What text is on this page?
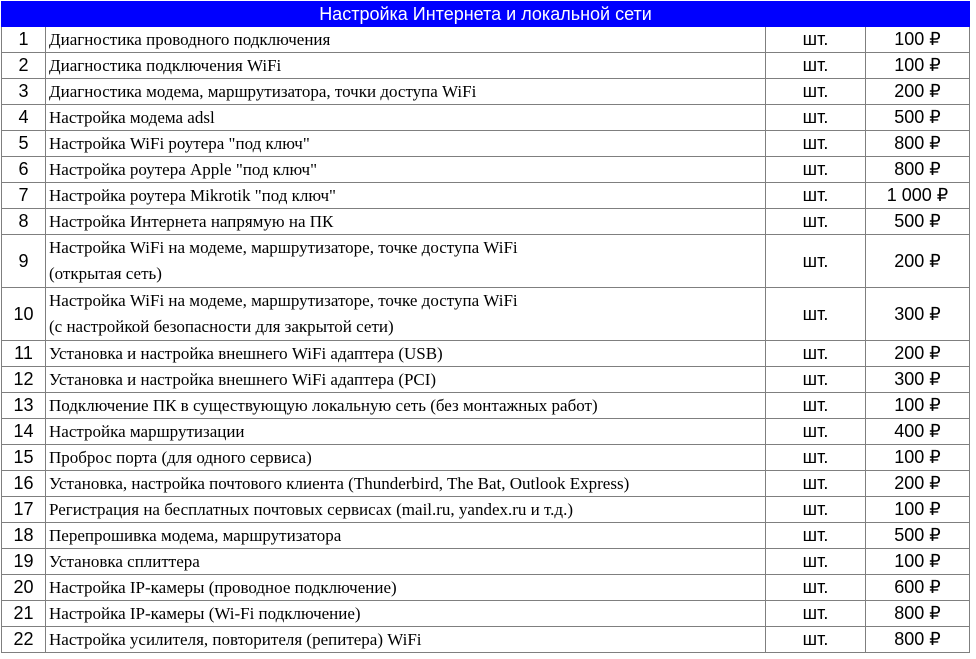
Настройка Интернета и локальной сети			
1	Диагностика проводного подключения	шт.	100 ₽
2	Диагностика подключения WiFi	шт.	100 ₽
3	Диагностика модема, маршрутизатора, точки доступа WiFi	шт.	200 ₽
4	Настройка модема adsl	шт.	500 ₽
5	Настройка WiFi роутера "под ключ"	шт.	800 ₽
6	Настройка роутера Apple "под ключ"	шт.	800 ₽
7	Настройка роутера Mikrotik "под ключ"	шт.	1 000 ₽
8	Настройка Интернета напрямую на ПК	шт.	500 ₽
9	Настройка WiFi на модеме, маршрутизаторе, точке доступа WiFi
(открытая сеть)	шт.	200 ₽
10	Настройка WiFi на модеме, маршрутизаторе, точке доступа WiFi
(с настройкой безопасности для закрытой сети)	шт.	300 ₽
11	Установка и настройка внешнего WiFi адаптера (USB)	шт.	200 ₽
12	Установка и настройка внешнего WiFi адаптера (PCI)	шт.	300 ₽
13	Подключение ПК в существующую локальную сеть (без монтажных работ)	шт.	100 ₽
14	Настройка маршрутизации	шт.	400 ₽
15	Проброс порта (для одного сервиса)	шт.	100 ₽
16	Установка, настройка почтового клиента (Thunderbird, The Bat, Outlook Express)	шт.	200 ₽
17	Регистрация на бесплатных почтовых сервисах (mail.ru, yandex.ru и т.д.)	шт.	100 ₽
18	Перепрошивка модема, маршрутизатора	шт.	500 ₽
19	Установка сплиттера	шт.	100 ₽
20	Настройка IP-камеры (проводное подключение)	шт.	600 ₽
21	Настройка IP-камеры (Wi-Fi подключение)	шт.	800 ₽
22	Настройка усилителя, повторителя (репитера) WiFi	шт.	800 ₽
